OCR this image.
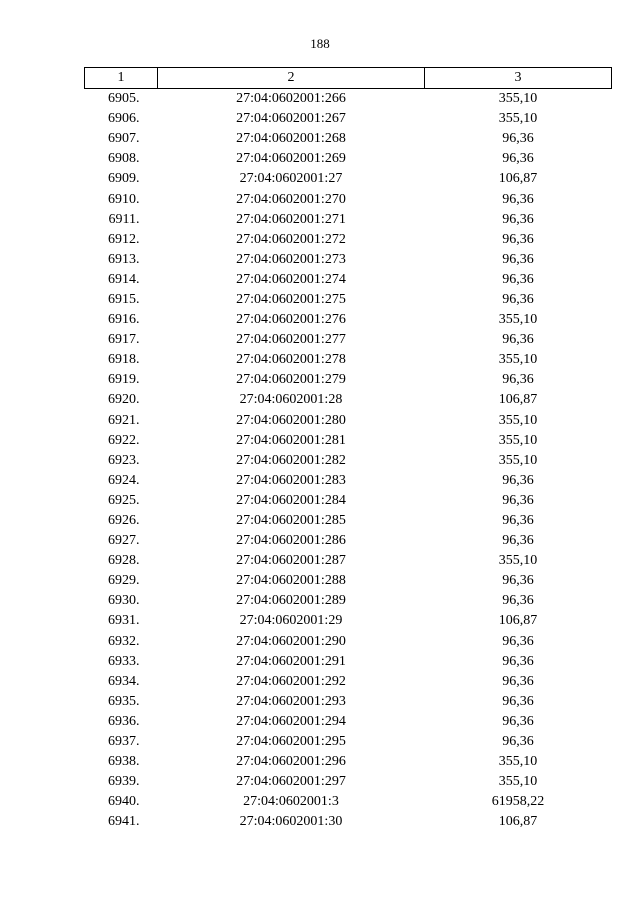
188
1	2	3
6905.	27:04:0602001:266	355,10
6906.	27:04:0602001:267	355,10
6907.	27:04:0602001:268	96,36
6908.	27:04:0602001:269	96,36
6909.	27:04:0602001:27	106,87
6910.	27:04:0602001:270	96,36
6911.	27:04:0602001:271	96,36
6912.	27:04:0602001:272	96,36
6913.	27:04:0602001:273	96,36
6914.	27:04:0602001:274	96,36
6915.	27:04:0602001:275	96,36
6916.	27:04:0602001:276	355,10
6917.	27:04:0602001:277	96,36
6918.	27:04:0602001:278	355,10
6919.	27:04:0602001:279	96,36
6920.	27:04:0602001:28	106,87
6921.	27:04:0602001:280	355,10
6922.	27:04:0602001:281	355,10
6923.	27:04:0602001:282	355,10
6924.	27:04:0602001:283	96,36
6925.	27:04:0602001:284	96,36
6926.	27:04:0602001:285	96,36
6927.	27:04:0602001:286	96,36
6928.	27:04:0602001:287	355,10
6929.	27:04:0602001:288	96,36
6930.	27:04:0602001:289	96,36
6931.	27:04:0602001:29	106,87
6932.	27:04:0602001:290	96,36
6933.	27:04:0602001:291	96,36
6934.	27:04:0602001:292	96,36
6935.	27:04:0602001:293	96,36
6936.	27:04:0602001:294	96,36
6937.	27:04:0602001:295	96,36
6938.	27:04:0602001:296	355,10
6939.	27:04:0602001:297	355,10
6940.	27:04:0602001:3	61958,22
6941.	27:04:0602001:30	106,87
